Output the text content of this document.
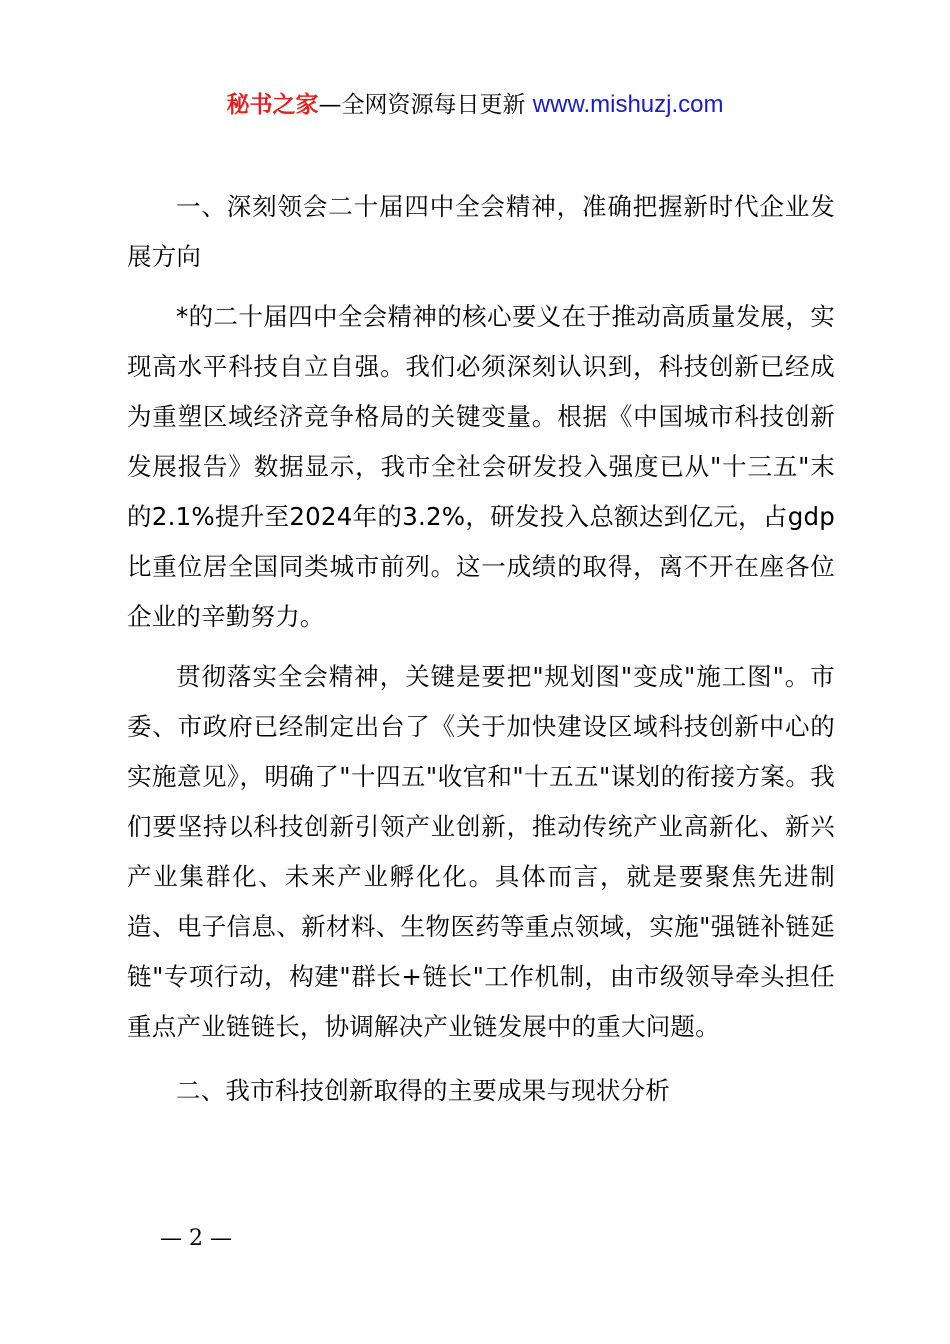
秘书之家—全网资源每日更新 www.mishuzj.com

一、深刻领会二十届四中全会精神，准确把握新时代企业发展方向

*的二十届四中全会精神的核心要义在于推动高质量发展，实现高水平科技自立自强。我们必须深刻认识到，科技创新已经成为重塑区域经济竞争格局的关键变量。根据《中国城市科技创新发展报告》数据显示，我市全社会研发投入强度已从"十三五"末的2.1%提升至2024年的3.2%，研发投入总额达到亿元，占gdp比重位居全国同类城市前列。这一成绩的取得，离不开在座各位企业的辛勤努力。

贯彻落实全会精神，关键是要把"规划图"变成"施工图"。市委、市政府已经制定出台了《关于加快建设区域科技创新中心的实施意见》，明确了"十四五"收官和"十五五"谋划的衔接方案。我们要坚持以科技创新引领产业创新，推动传统产业高新化、新兴产业集群化、未来产业孵化化。具体而言，就是要聚焦先进制造、电子信息、新材料、生物医药等重点领域，实施"强链补链延链"专项行动，构建"群长+链长"工作机制，由市级领导牵头担任重点产业链链长，协调解决产业链发展中的重大问题。

二、我市科技创新取得的主要成果与现状分析

— 2 —
